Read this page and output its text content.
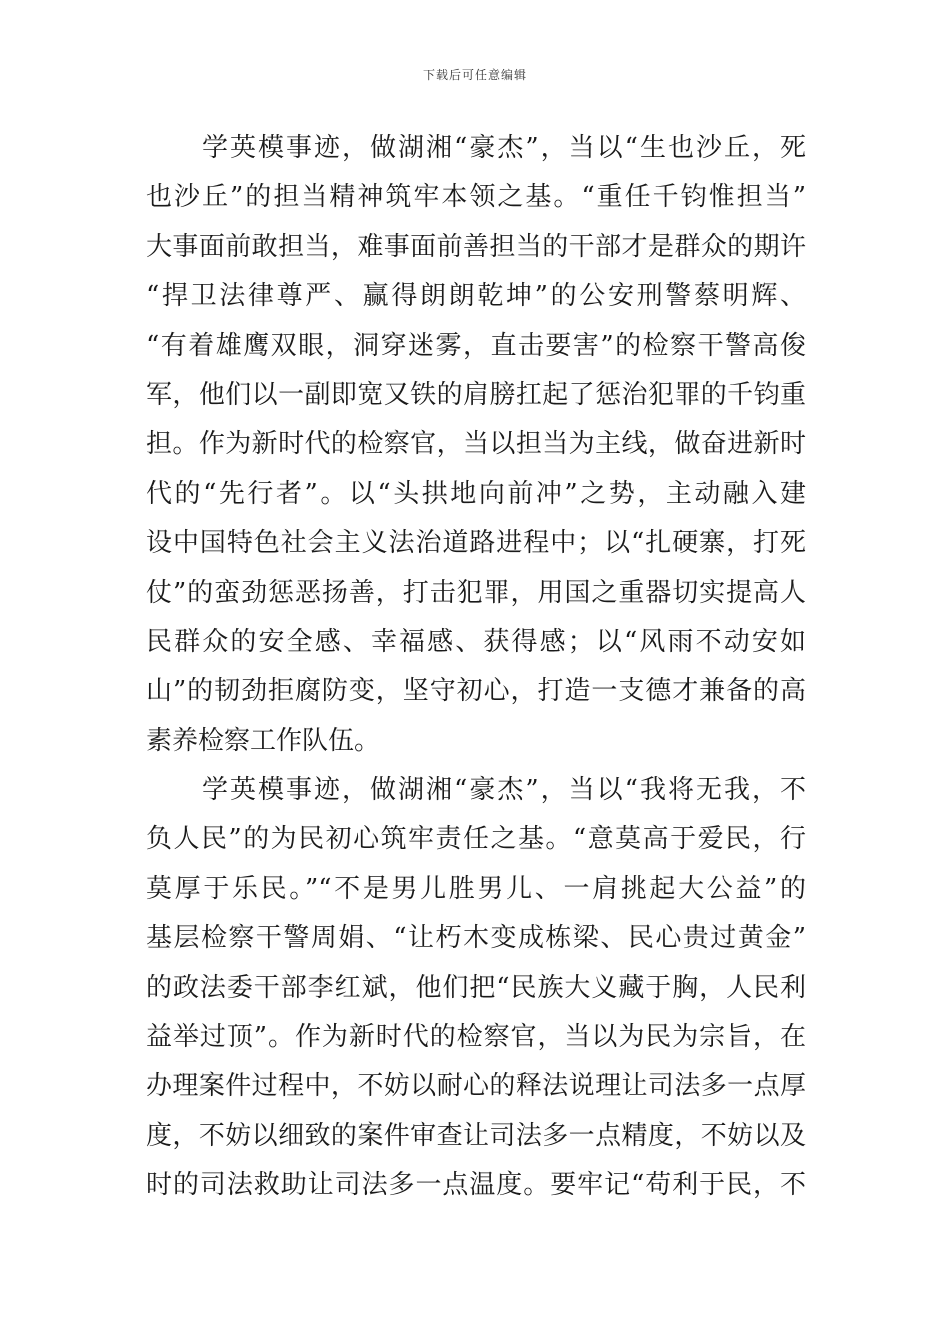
下载后可任意编辑
　　学英模事迹，做湖湘“豪杰”，当以“生也沙丘，死
也沙丘”的担当精神筑牢本领之基。“重任千钧惟担当”
大事面前敢担当，难事面前善担当的干部才是群众的期许
“捍卫法律尊严、赢得朗朗乾坤”的公安刑警蔡明辉、
“有着雄鹰双眼，洞穿迷雾，直击要害”的检察干警高俊
军，他们以一副即宽又铁的肩膀扛起了惩治犯罪的千钧重
担。作为新时代的检察官，当以担当为主线，做奋进新时
代的“先行者”。以“头拱地向前冲”之势，主动融入建
设中国特色社会主义法治道路进程中；以“扎硬寨，打死
仗”的蛮劲惩恶扬善，打击犯罪，用国之重器切实提高人
民群众的安全感、幸福感、获得感；以“风雨不动安如
山”的韧劲拒腐防变，坚守初心，打造一支德才兼备的高
素养检察工作队伍。
　　学英模事迹，做湖湘“豪杰”，当以“我将无我，不
负人民”的为民初心筑牢责任之基。“意莫高于爱民，行
莫厚于乐民。”“不是男儿胜男儿、一肩挑起大公益”的
基层检察干警周娟、“让朽木变成栋梁、民心贵过黄金”
的政法委干部李红斌，他们把“民族大义藏于胸，人民利
益举过顶”。作为新时代的检察官，当以为民为宗旨，在
办理案件过程中，不妨以耐心的释法说理让司法多一点厚
度，不妨以细致的案件审查让司法多一点精度，不妨以及
时的司法救助让司法多一点温度。要牢记“苟利于民，不
